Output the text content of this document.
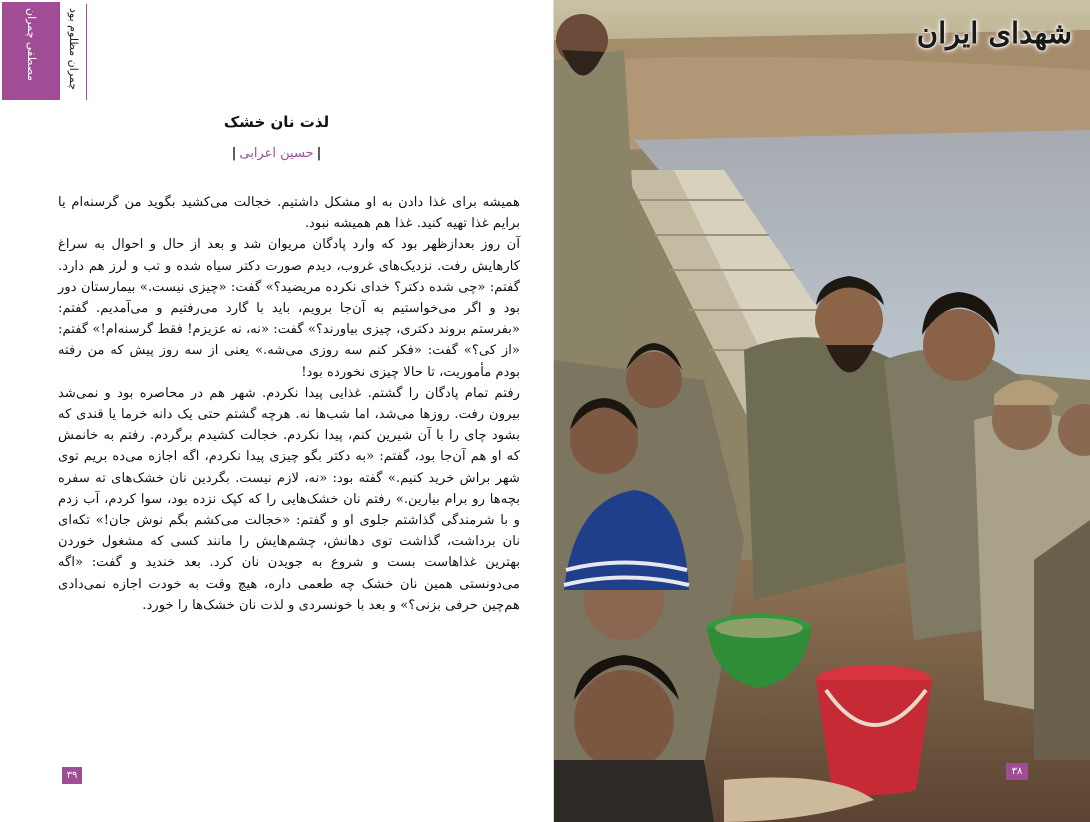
مصطفی چمران	چمران مظلوم بود
لذت نان خشک
|حسین اعرابی|

همیشه برای غذا دادن به او مشکل داشتیم. خجالت می‌کشید بگوید من گرسنه‌ام یا برایم غذا تهیه کنید. غذا هم همیشه نبود.

آن روز بعدازظهر بود که وارد پادگان مریوان شد و بعد از حال و احوال به سراغ کارهایش رفت. نزدیک‌های غروب، دیدم صورت دکتر سیاه شده و تب و لرز هم دارد. گفتم: «چی شده دکتر؟ خدای نکرده مریضید؟» گفت: «چیزی نیست.» بیمارستان دور بود و اگر می‌خواستیم به آن‌جا برویم، باید با گارد می‌رفتیم و می‌آمدیم. گفتم: «بفرستم بروند دکتری، چیزی بیاورند؟» گفت: «نه، نه عزیزم! فقط گرسنه‌ام!» گفتم: «از کی؟» گفت: «فکر کنم سه روزی می‌شه.» یعنی از سه روز پیش که من رفته بودم مأموریت، تا حالا چیزی نخورده بود!

رفتم تمام پادگان را گشتم. غذایی پیدا نکردم. شهر هم در محاصره بود و نمی‌شد بیرون رفت. روزها می‌شد، اما شب‌ها نه. هرچه گشتم حتی یک دانه خرما یا قندی که بشود چای را با آن شیرین کنم، پیدا نکردم. خجالت کشیدم برگردم. رفتم به خانمش که او هم آن‌جا بود، گفتم: «به دکتر بگو چیزی پیدا نکردم، اگه اجازه می‌ده بریم توی شهر براش خرید کنیم.» گفته بود: «نه، لازم نیست. بگردین نان خشک‌های ته سفره بچه‌ها رو برام بیارین.» رفتم نان خشک‌هایی را که کپک نزده بود، سوا کردم، آب زدم و با شرمندگی گذاشتم جلوی او و گفتم: «خجالت می‌کشم بگم نوش جان!» تکه‌ای نان برداشت، گذاشت توی دهانش، چشم‌هایش را مانند کسی که مشغول خوردن بهترین غذاهاست بست و شروع به جویدن نان کرد. بعد خندید و گفت: «اگه می‌دونستی همین نان خشک چه طعمی داره، هیچ وقت به خودت اجازه نمی‌دادی هم‌چین حرفی بزنی؟» و بعد با خونسردی و لذت نان خشک‌ها را خورد.

۳۹
شهدای ایران
۳۸
